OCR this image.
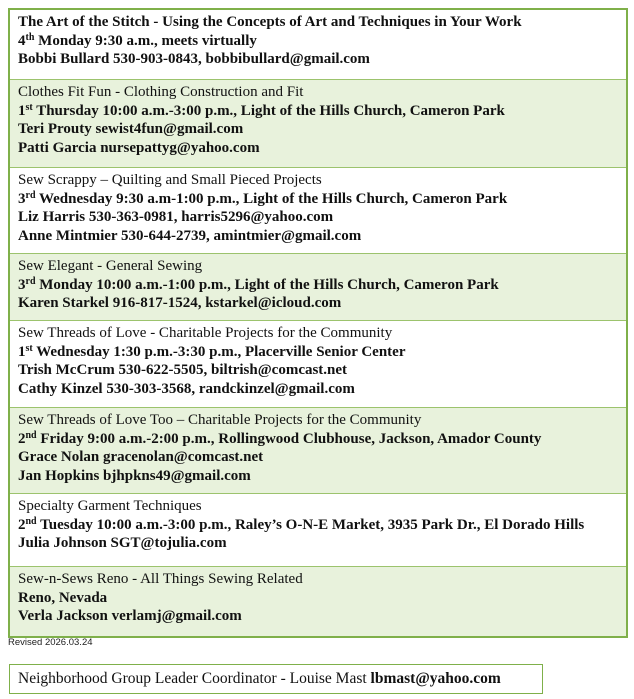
The Art of the Stitch - Using the Concepts of Art and Techniques in Your Work
4th Monday 9:30 a.m., meets virtually
Bobbi Bullard 530-903-0843, bobbibullard@gmail.com
Clothes Fit Fun - Clothing Construction and Fit
1st Thursday 10:00 a.m.-3:00 p.m., Light of the Hills Church, Cameron Park
Teri Prouty sewist4fun@gmail.com
Patti Garcia nursepattyg@yahoo.com
Sew Scrappy – Quilting and Small Pieced Projects
3rd Wednesday 9:30 a.m-1:00 p.m., Light of the Hills Church, Cameron Park
Liz Harris 530-363-0981, harris5296@yahoo.com
Anne Mintmier 530-644-2739, amintmier@gmail.com
Sew Elegant - General Sewing
3rd Monday 10:00 a.m.-1:00 p.m., Light of the Hills Church, Cameron Park
Karen Starkel 916-817-1524, kstarkel@icloud.com
Sew Threads of Love - Charitable Projects for the Community
1st Wednesday 1:30 p.m.-3:30 p.m., Placerville Senior Center
Trish McCrum 530-622-5505, biltrish@comcast.net
Cathy Kinzel 530-303-3568, randckinzel@gmail.com
Sew Threads of Love Too – Charitable Projects for the Community
2nd Friday 9:00 a.m.-2:00 p.m., Rollingwood Clubhouse, Jackson, Amador County
Grace Nolan gracenolan@comcast.net
Jan Hopkins bjhpkns49@gmail.com
Specialty Garment Techniques
2nd Tuesday 10:00 a.m.-3:00 p.m., Raley’s O-N-E Market, 3935 Park Dr., El Dorado Hills
Julia Johnson SGT@tojulia.com
Sew-n-Sews Reno - All Things Sewing Related
Reno, Nevada
Verla Jackson verlamj@gmail.com
Revised 2026.03.24
Neighborhood Group Leader Coordinator - Louise Mast lbmast@yahoo.com
